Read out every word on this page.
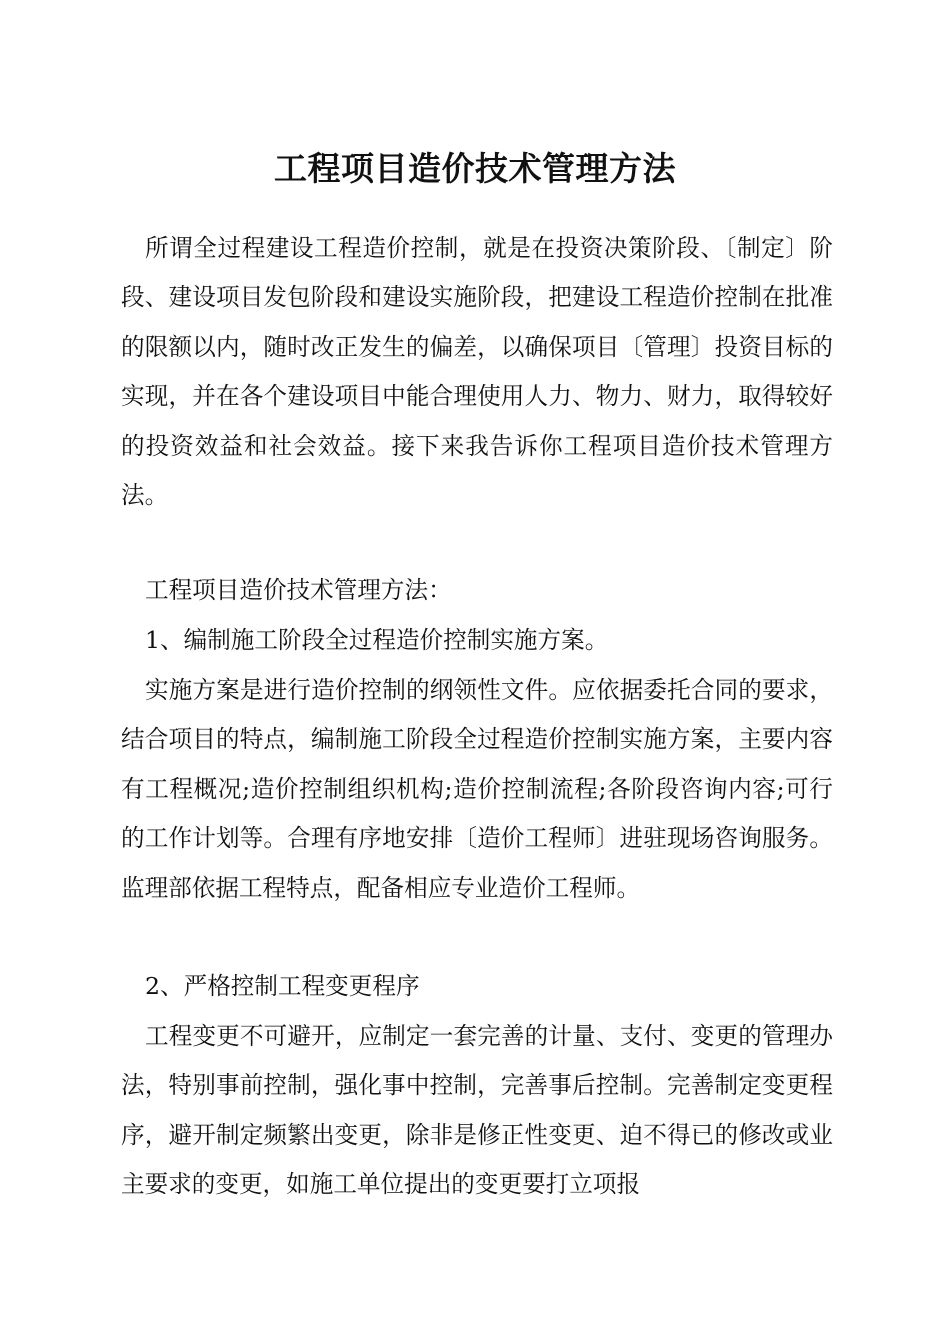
工程项目造价技术管理方法

所谓全过程建设工程造价控制，就是在投资决策阶段、〔制定〕阶段、建设项目发包阶段和建设实施阶段，把建设工程造价控制在批准的限额以内，随时改正发生的偏差，以确保项目〔管理〕投资目标的实现，并在各个建设项目中能合理使用人力、物力、财力，取得较好的投资效益和社会效益。接下来我告诉你工程项目造价技术管理方法。

工程项目造价技术管理方法：

1、编制施工阶段全过程造价控制实施方案。

实施方案是进行造价控制的纲领性文件。应依据委托合同的要求，结合项目的特点，编制施工阶段全过程造价控制实施方案，主要内容有工程概况;造价控制组织机构;造价控制流程;各阶段咨询内容;可行的工作计划等。合理有序地安排〔造价工程师〕进驻现场咨询服务。监理部依据工程特点，配备相应专业造价工程师。

2、严格控制工程变更程序

工程变更不可避开，应制定一套完善的计量、支付、变更的管理办法，特别事前控制，强化事中控制，完善事后控制。完善制定变更程序，避开制定频繁出变更，除非是修正性变更、迫不得已的修改或业主要求的变更，如施工单位提出的变更要打立项报
